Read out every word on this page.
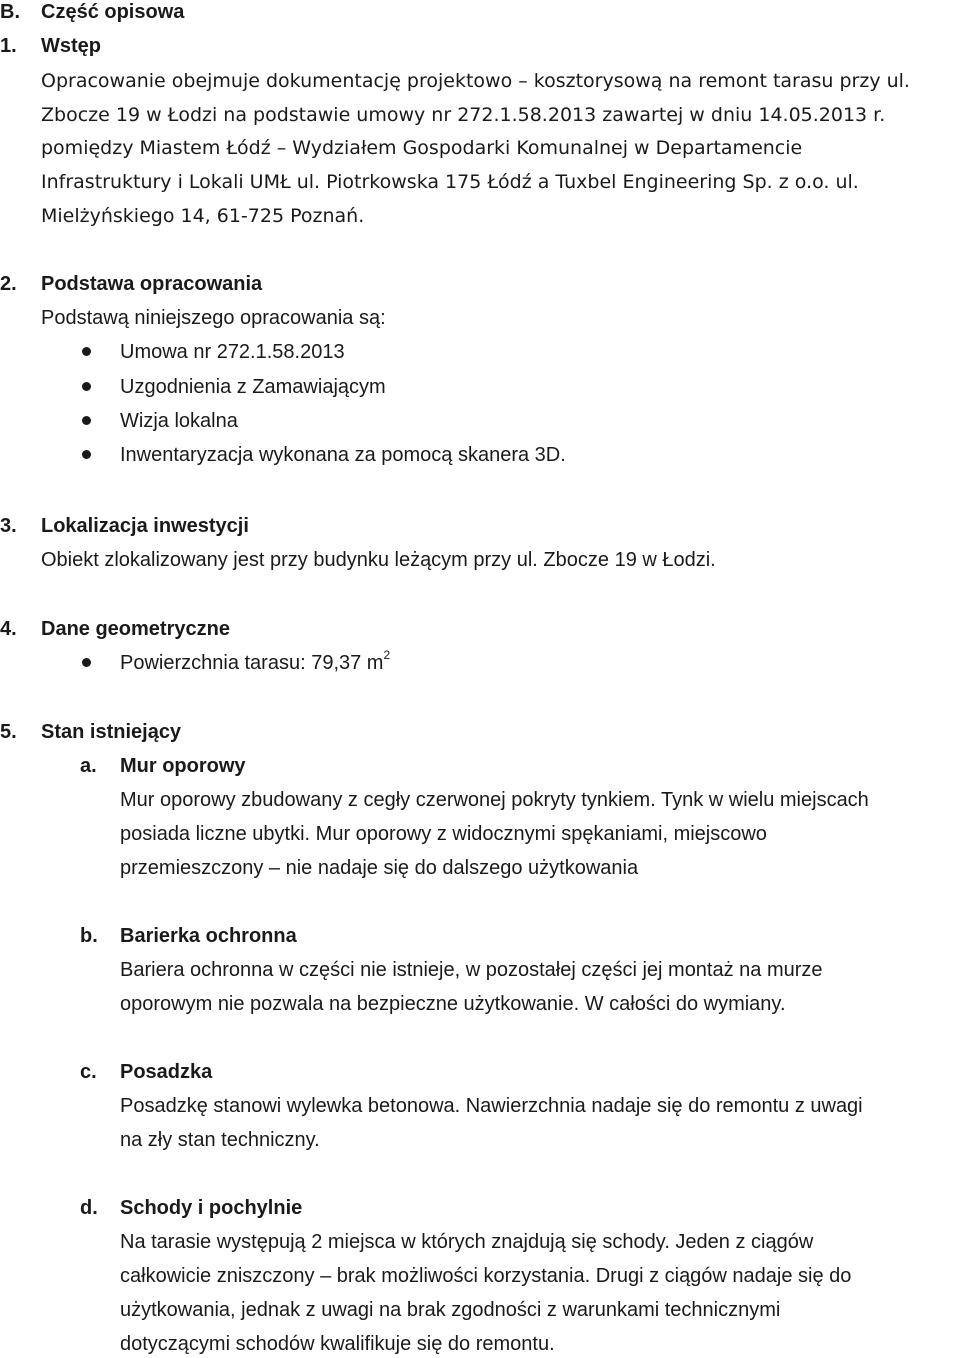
B. Część opisowa
1. Wstęp
Opracowanie obejmuje dokumentację projektowo – kosztorysową na remont tarasu przy ul.
Zbocze 19 w Łodzi na podstawie umowy nr 272.1.58.2013 zawartej w dniu 14.05.2013 r.
pomiędzy Miastem Łódź – Wydziałem Gospodarki Komunalnej w Departamencie
Infrastruktury i Lokali UMŁ ul. Piotrkowska 175 Łódź a Tuxbel Engineering Sp. z o.o. ul.
Mielżyńskiego 14, 61-725 Poznań.
2. Podstawa opracowania
Podstawą niniejszego opracowania są:
Umowa nr 272.1.58.2013
Uzgodnienia z Zamawiającym
Wizja lokalna
Inwentaryzacja wykonana za pomocą skanera 3D.
3. Lokalizacja inwestycji
Obiekt zlokalizowany jest przy budynku leżącym przy ul. Zbocze 19 w Łodzi.
4. Dane geometryczne
Powierzchnia tarasu: 79,37 $m^2$
5. Stan istniejący
a. Mur oporowy
Mur oporowy zbudowany z cegły czerwonej pokryty tynkiem. Tynk w wielu miejscach
posiada liczne ubytki. Mur oporowy z widocznymi spękaniami, miejscowo
przemieszczony – nie nadaje się do dalszego użytkowania
b. Barierka ochronna
Bariera ochronna w części nie istnieje, w pozostałej części jej montaż na murze
oporowym nie pozwala na bezpieczne użytkowanie. W całości do wymiany.
c. Posadzka
Posadzkę stanowi wylewka betonowa. Nawierzchnia nadaje się do remontu z uwagi
na zły stan techniczny.
d. Schody i pochylnie
Na tarasie występują 2 miejsca w których znajdują się schody. Jeden z ciągów
całkowicie zniszczony – brak możliwości korzystania. Drugi z ciągów nadaje się do
użytkowania, jednak z uwagi na brak zgodności z warunkami technicznymi
dotyczącymi schodów kwalifikuje się do remontu.
